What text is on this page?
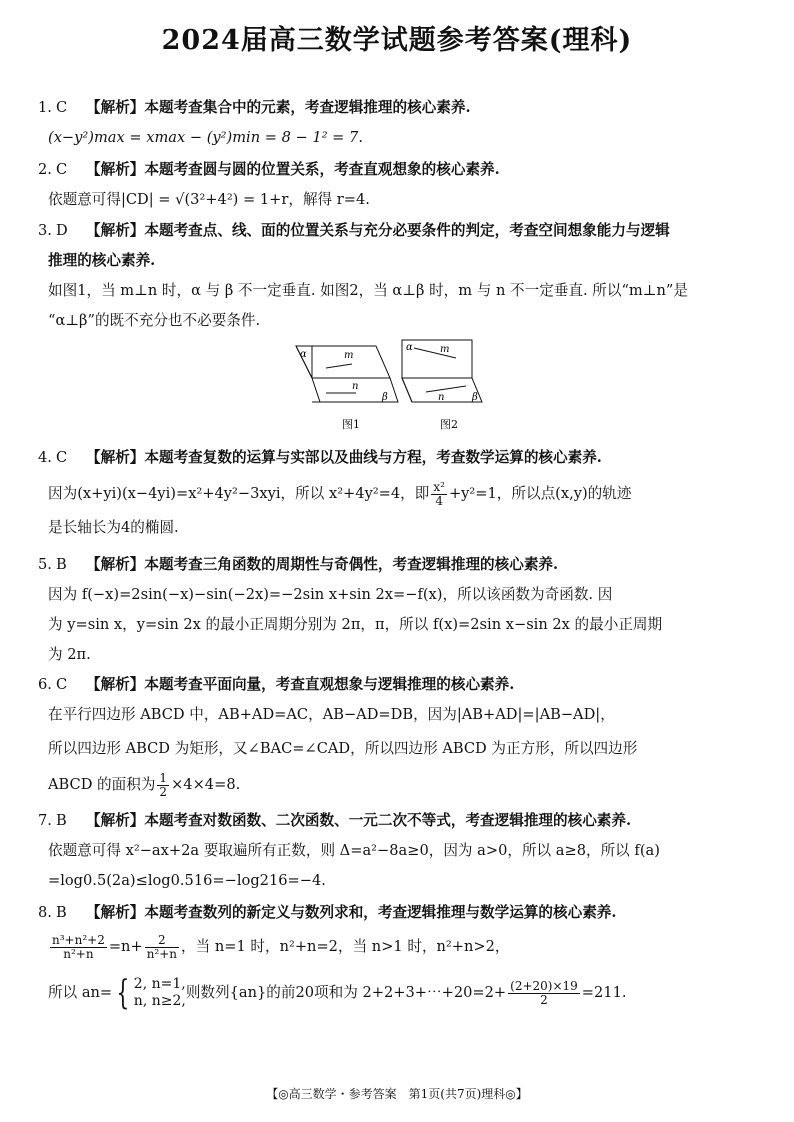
2024届高三数学试题参考答案(理科)
1. C 【解析】本题考查集合中的元素，考查逻辑推理的核心素养.
(x−y²)max = xmax − (y²)min = 8 − 1² = 7.
2. C 【解析】本题考查圆与圆的位置关系，考查直观想象的核心素养.
依题意可得|CD| = √(3²+4²) = 1+r，解得 r=4.
3. D 【解析】本题考查点、线、面的位置关系与充分必要条件的判定，考查空间想象能力与逻辑
推理的核心素养.
如图1，当 m⊥n 时，α 与 β 不一定垂直. 如图2，当 α⊥β 时，m 与 n 不一定垂直. 所以“m⊥n”是
“α⊥β”的既不充分也不必要条件.
α	m
n
β
α	m
n	β
图1	图2
4. C 【解析】本题考查复数的运算与实部以及曲线与方程，考查数学运算的核心素养.
因为(x+yi)(x−4yi)=x²+4y²−3xyi，所以 x²+4y²=4，即 $\frac{\text{x²}}{4} +y^2=1$，所以点(x,y)的轨迹
是长轴长为4的椭圆.
5. B 【解析】本题考查三角函数的周期性与奇偶性，考查逻辑推理的核心素养.
因为 f(−x)=2sin(−x)−sin(−2x)=−2sin x+sin 2x=−f(x)，所以该函数为奇函数. 因
为 y=sin x，y=sin 2x 的最小正周期分别为 2π，π，所以 f(x)=2sin x−sin 2x 的最小正周期
为 2π.
6. C 【解析】本题考查平面向量，考查直观想象与逻辑推理的核心素养.
在平行四边形 ABCD 中，AB+AD=AC，AB−AD=DB，因为|AB+AD|=|AB−AD|，
所以四边形 ABCD 为矩形，又∠BAC=∠CAD，所以四边形 ABCD 为正方形，所以四边形
ABCD 的面积为 $\frac{1}{2} \times 4\times 4=8$.
7. B 【解析】本题考查对数函数、二次函数、一元二次不等式，考查逻辑推理的核心素养.
依题意可得 x²−ax+2a 要取遍所有正数，则 Δ=a²−8a≥0，因为 a>0，所以 a≥8，所以 f(a)
=log0.5(2a)≤log0.516=−log216=−4.
8. B 【解析】本题考查数列的新定义与数列求和，考查逻辑推理与数学运算的核心素养.
$\frac{\text{n³+n²+2}}{\text{n²+n}} =n+ \frac{2}{\text{n²+n}}$ ，当 n=1 时，n²+n=2，当 n>1 时，n²+n>2，
所以 an= { 2, n=1,
n, n≥2, 则数列{an}的前20项和为 2+2+3+⋯+20=2+ $\frac{(2+20)\times 19}{2} =211$.
【◎高三数学・参考答案　第1页(共7页)理科◎】
